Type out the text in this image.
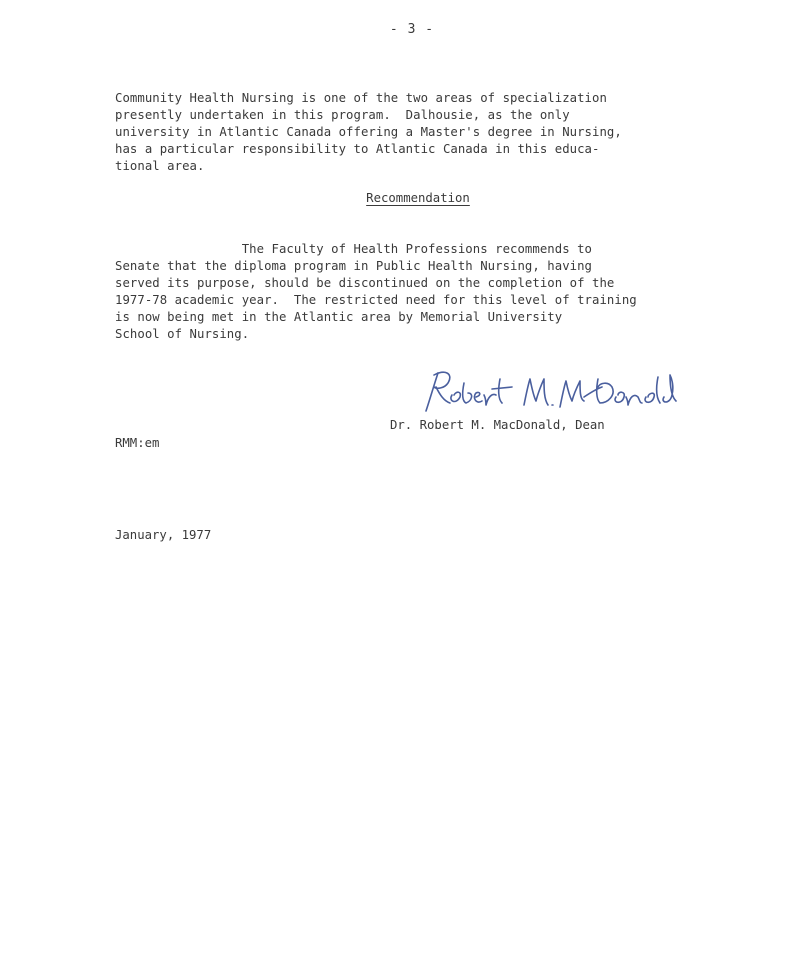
- 3 -
Community Health Nursing is one of the two areas of specialization
presently undertaken in this program.  Dalhousie, as the only
university in Atlantic Canada offering a Master's degree in Nursing,
has a particular responsibility to Atlantic Canada in this educa-
tional area.
Recommendation
The Faculty of Health Professions recommends to
Senate that the diploma program in Public Health Nursing, having
served its purpose, should be discontinued on the completion of the
1977-78 academic year.  The restricted need for this level of training
is now being met in the Atlantic area by Memorial University
School of Nursing.
Dr. Robert M. MacDonald, Dean
RMM:em
January, 1977
